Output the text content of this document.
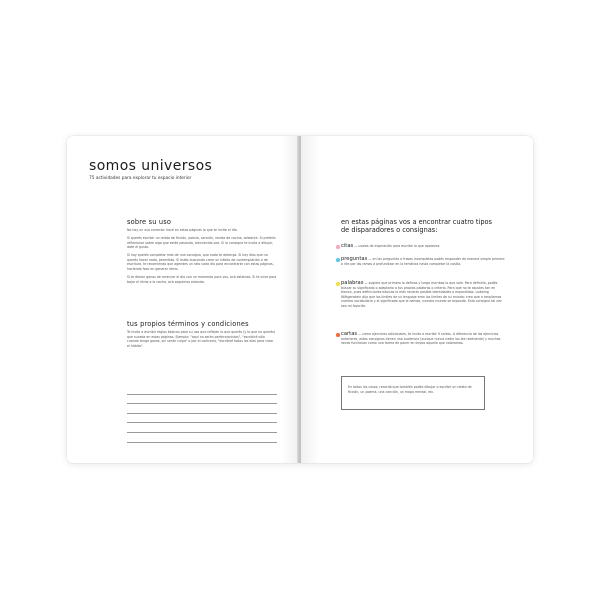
somos universos
75 actividades para explorar tu espacio interior
sobre su uso

No hay un uso correcto: hacé en estas páginas lo que te invite el día.

Si querés escribir un relato de ficción, poesía, canción, receta de cocina, adelante. Si preferís reflexionar sobre algo que estés pasando, bienvenido sea. Si lo consigna te invita a dibujar, date el gusto.

Si hoy querés completar más de una consigna, que nada te detenga. Si hay días que no querés hacer nada, permitido. Si estás buscando crear un hábito de contemplación o de escritura, te recomiendo que agendes un rato cada día para encontrarte con estas páginas, haciendo foco en generar ritmo.

Si te dieron ganas de arrancar el día con un momento para vos, acá estamos. Si te sirve para bajar el ritmo a la noche, acá seguimos estando.

tus propios términos y condiciones
Te invito a escribir reglas básicas para su uso que reflejen lo que querés (y lo que no querés) que suceda en estas páginas. Ejemplo: "aquí no serán perfeccionistas", "escribiré sólo cuando tenga ganas, sin sentir culpa" o por el contrario, "escribiré todos los días para crear el hábito".
en estas páginas vos a encontrar cuatro tipos de disparadores o consignas:
citas — usalas de inspiración para escribir lo que aparezca.
preguntas — en las preguntas o frases incompletas podés responder de manera simple primero o irte por las ramas a profundizar en la temática hasta completar la casilla.
palabras — sugiero que primero la definas y luego escribas lo que sale. Para definirla, podés buscar su significado o adaptarlo a tus propias palabras o criterio. Para que no te asustes tan en blanco, pues definiciones básicas lo más neutras posible identidades o expandidas. Ludwing Wittgenstein dijo que los límites de su lenguaje eran los límites de su mundo: creo que a ampliamos nuestro vocabulario y el significado que le damos, nuestro mundo se expande. Esta consigna tal vez sea mi favorita.
cartas — como ejercicios adicionales, te invito a escribir 9 cartas. A diferencia de los ejercicios anteriores, estas consignas tienen una audiencia (aunque nunca nadie las lea realmente) y muchas veces funcionan como una forma de poner en limpio aquello que valoramos.
En todos los casos, recordá que también podés dibujar o escribir un relato de ficción, un poema, una canción, un mapa mental, etc.
